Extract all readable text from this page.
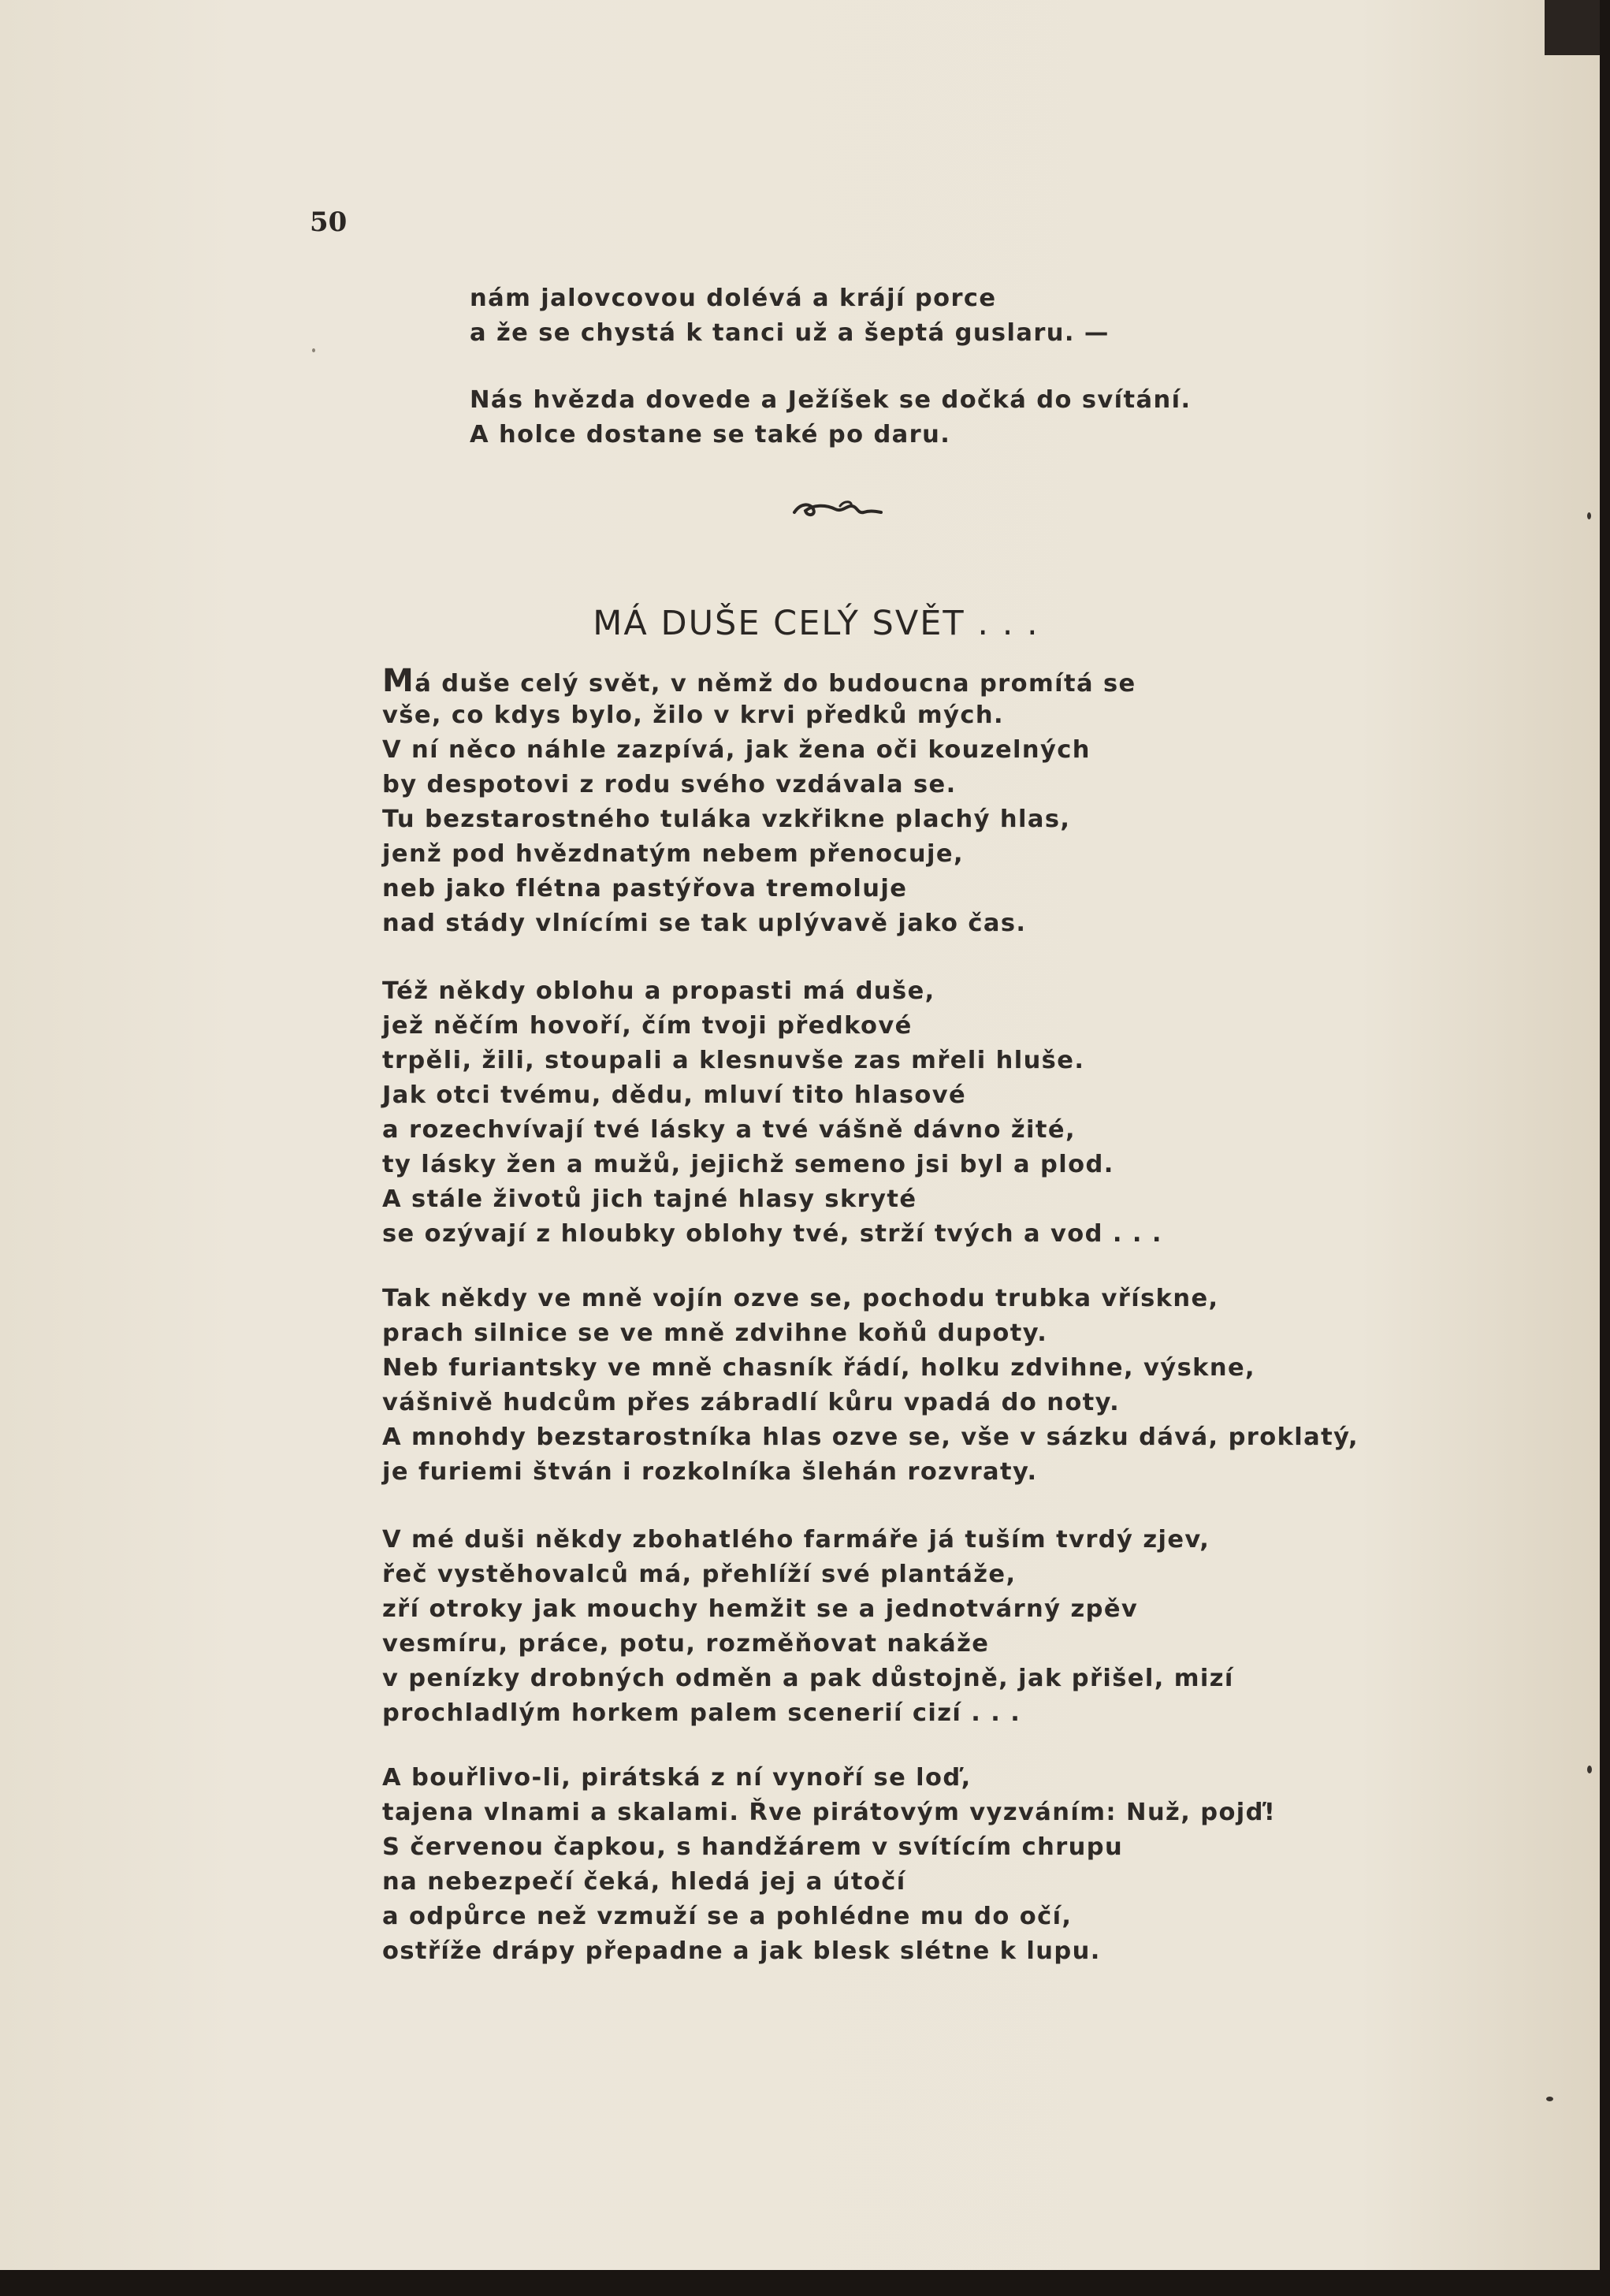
50
nám jalovcovou dolévá a krájí porce
a že se chystá k tanci už a šeptá guslaru. —
Nás hvězda dovede a Ježíšek se dočká do svítání.
A holce dostane se také po daru.
MÁ DUŠE CELÝ SVĚT . . .
Má duše celý svět, v němž do budoucna promítá se
vše, co kdys bylo, žilo v krvi předků mých.
V ní něco náhle zazpívá, jak žena oči kouzelných
by despotovi z rodu svého vzdávala se.
Tu bezstarostného tuláka vzkřikne plachý hlas,
jenž pod hvězdnatým nebem přenocuje,
neb jako flétna pastýřova tremoluje
nad stády vlnícími se tak uplývavě jako čas.
Též někdy oblohu a propasti má duše,
jež něčím hovoří, čím tvoji předkové
trpěli, žili, stoupali a klesnuvše zas mřeli hluše.
Jak otci tvému, dědu, mluví tito hlasové
a rozechvívají tvé lásky a tvé vášně dávno žité,
ty lásky žen a mužů, jejichž semeno jsi byl a plod.
A stále životů jich tajné hlasy skryté
se ozývají z hloubky oblohy tvé, strží tvých a vod . . .
Tak někdy ve mně vojín ozve se, pochodu trubka vřískne,
prach silnice se ve mně zdvihne koňů dupoty.
Neb furiantsky ve mně chasník řádí, holku zdvihne, výskne,
vášnivě hudcům přes zábradlí kůru vpadá do noty.
A mnohdy bezstarostníka hlas ozve se, vše v sázku dává, proklatý,
je furiemi štván i rozkolníka šlehán rozvraty.
V mé duši někdy zbohatlého farmáře já tuším tvrdý zjev,
řeč vystěhovalců má, přehlíží své plantáže,
zří otroky jak mouchy hemžit se a jednotvárný zpěv
vesmíru, práce, potu, rozměňovat nakáže
v penízky drobných odměn a pak důstojně, jak přišel, mizí
prochladlým horkem palem scenerií cizí . . .
A bouřlivo-li, pirátská z ní vynoří se loď,
tajena vlnami a skalami. Řve pirátovým vyzváním: Nuž, pojď!
S červenou čapkou, s handžárem v svítícím chrupu
na nebezpečí čeká, hledá jej a útočí
a odpůrce než vzmuží se a pohlédne mu do očí,
ostříže drápy přepadne a jak blesk slétne k lupu.
